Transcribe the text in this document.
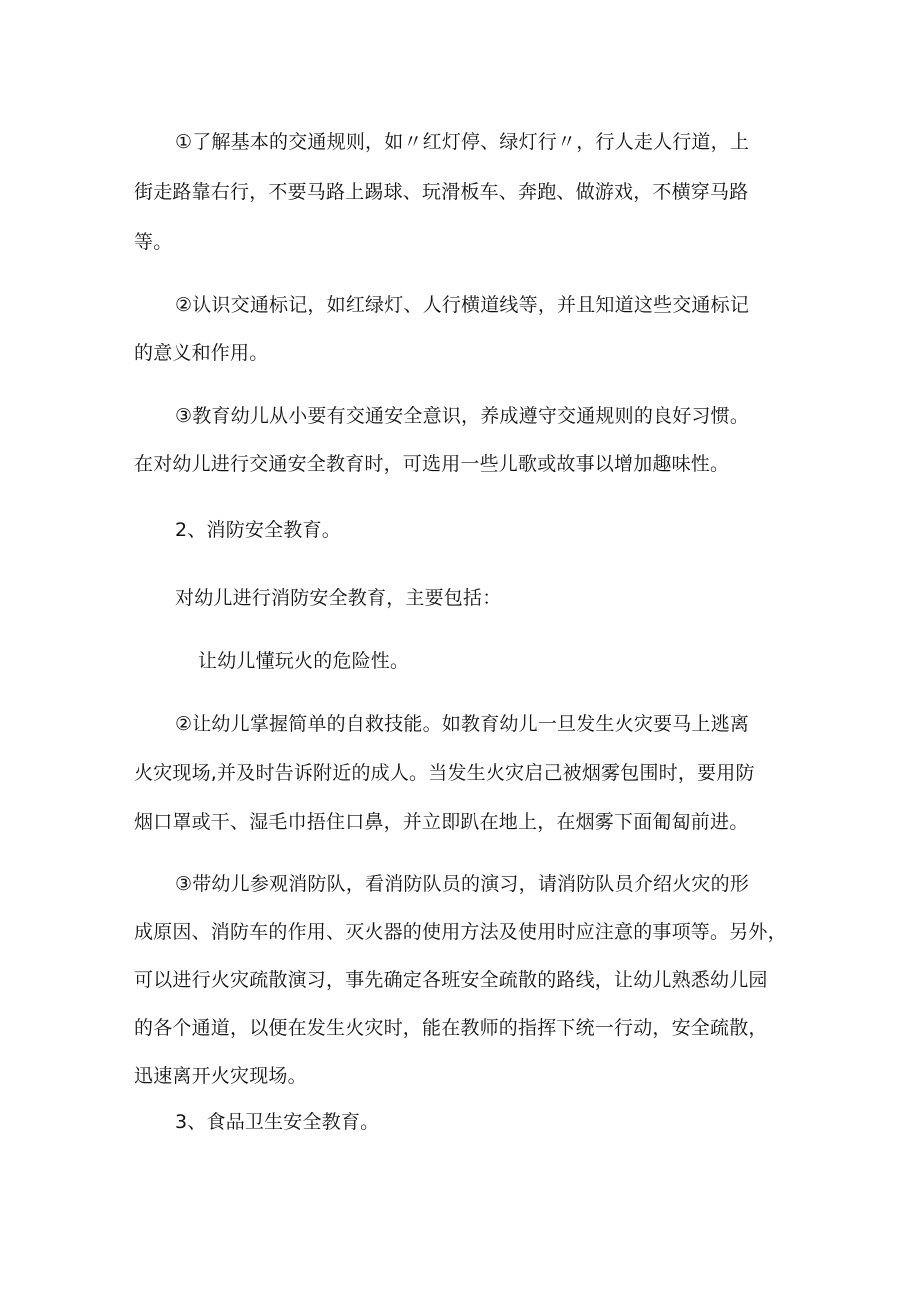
①了解基本的交通规则，如〃红灯停、绿灯行〃，行人走人行道，上
街走路靠右行，不要马路上踢球、玩滑板车、奔跑、做游戏，不横穿马路
等。
②认识交通标记，如红绿灯、人行横道线等，并且知道这些交通标记
的意义和作用。
③教育幼儿从小要有交通安全意识，养成遵守交通规则的良好习惯。
在对幼儿进行交通安全教育时，可选用一些儿歌或故事以增加趣味性。
2、消防安全教育。
对幼儿进行消防安全教育，主要包括：
让幼儿懂玩火的危险性。
②让幼儿掌握简单的自救技能。如教育幼儿一旦发生火灾要马上逃离
火灾现场,并及时告诉附近的成人。当发生火灾启己被烟雾包围时，要用防
烟口罩或干、湿毛巾捂住口鼻，并立即趴在地上，在烟雾下面匍匐前进。
③带幼儿参观消防队，看消防队员的演习，请消防队员介绍火灾的形
成原因、消防车的作用、灭火器的使用方法及使用时应注意的事项等。另外，
可以进行火灾疏散演习，事先确定各班安全疏散的路线，让幼儿熟悉幼儿园
的各个通道，以便在发生火灾时，能在教师的指挥下统一行动，安全疏散，
迅速离开火灾现场。
3、食品卫生安全教育。
